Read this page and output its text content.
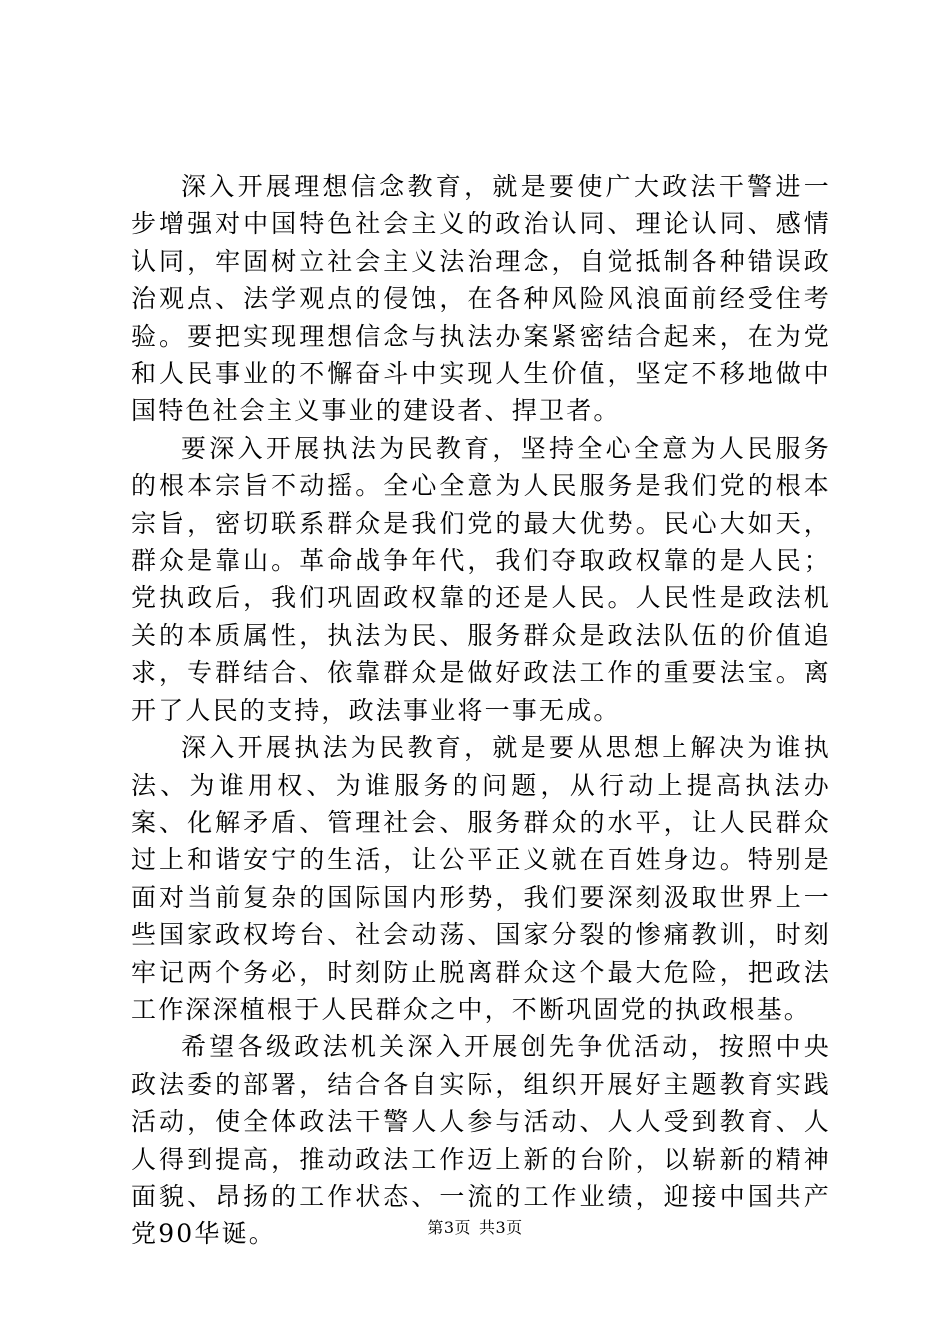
深入开展理想信念教育，就是要使广大政法干警进一步增强对中国特色社会主义的政治认同、理论认同、感情认同，牢固树立社会主义法治理念，自觉抵制各种错误政治观点、法学观点的侵蚀，在各种风险风浪面前经受住考验。要把实现理想信念与执法办案紧密结合起来，在为党和人民事业的不懈奋斗中实现人生价值，坚定不移地做中国特色社会主义事业的建设者、捍卫者。

要深入开展执法为民教育，坚持全心全意为人民服务的根本宗旨不动摇。全心全意为人民服务是我们党的根本宗旨，密切联系群众是我们党的最大优势。民心大如天，群众是靠山。革命战争年代，我们夺取政权靠的是人民；党执政后，我们巩固政权靠的还是人民。人民性是政法机关的本质属性，执法为民、服务群众是政法队伍的价值追求，专群结合、依靠群众是做好政法工作的重要法宝。离开了人民的支持，政法事业将一事无成。

深入开展执法为民教育，就是要从思想上解决为谁执法、为谁用权、为谁服务的问题，从行动上提高执法办案、化解矛盾、管理社会、服务群众的水平，让人民群众过上和谐安宁的生活，让公平正义就在百姓身边。特别是面对当前复杂的国际国内形势，我们要深刻汲取世界上一些国家政权垮台、社会动荡、国家分裂的惨痛教训，时刻牢记两个务必，时刻防止脱离群众这个最大危险，把政法工作深深植根于人民群众之中，不断巩固党的执政根基。

希望各级政法机关深入开展创先争优活动，按照中央政法委的部署，结合各自实际，组织开展好主题教育实践活动，使全体政法干警人人参与活动、人人受到教育、人人得到提高，推动政法工作迈上新的台阶，以崭新的精神面貌、昂扬的工作状态、一流的工作业绩，迎接中国共产党90华诞。	第3页 共3页
